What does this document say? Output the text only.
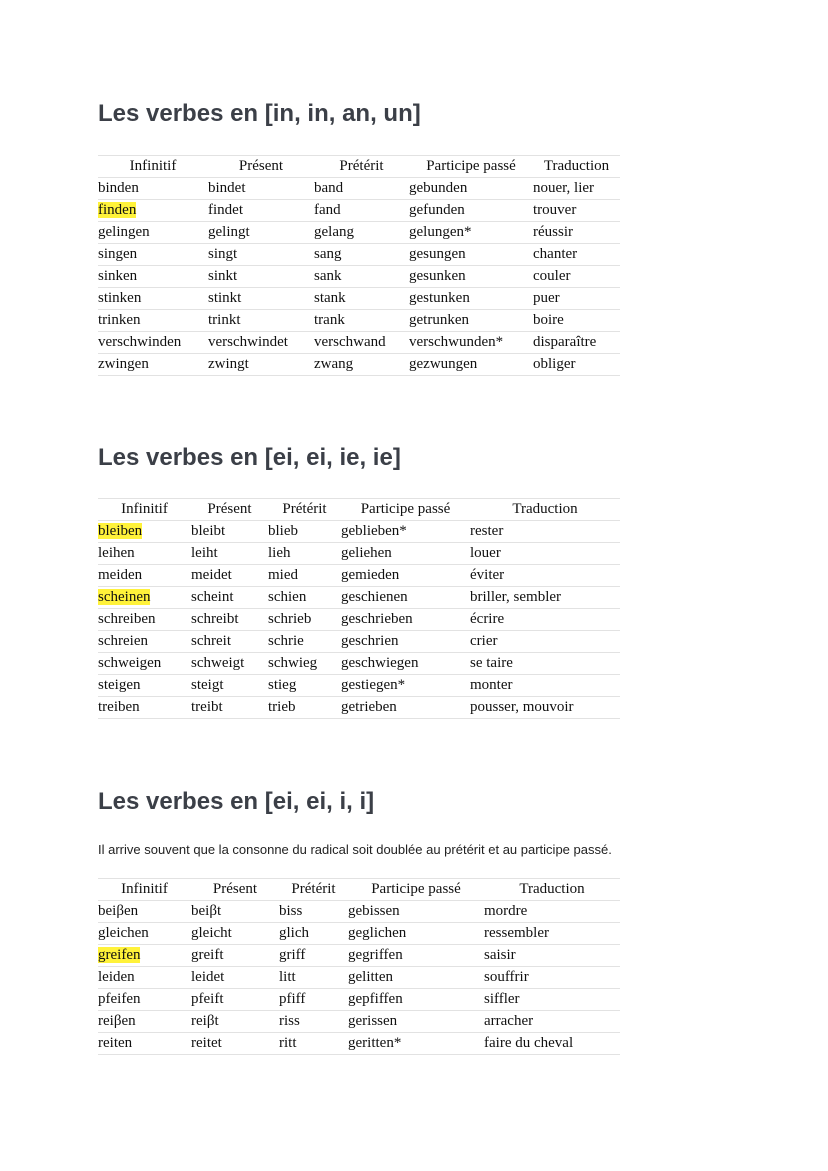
Les verbes en [in, in, an, un]
Infinitif	Présent	Prétérit	Participe passé	Traduction
binden	bindet	band	gebunden	nouer, lier
finden	findet	fand	gefunden	trouver
gelingen	gelingt	gelang	gelungen*	réussir
singen	singt	sang	gesungen	chanter
sinken	sinkt	sank	gesunken	couler
stinken	stinkt	stank	gestunken	puer
trinken	trinkt	trank	getrunken	boire
verschwinden	verschwindet	verschwand	verschwunden*	disparaître
zwingen	zwingt	zwang	gezwungen	obliger
Les verbes en [ei, ei, ie, ie]
Infinitif	Présent	Prétérit	Participe passé	Traduction
bleiben	bleibt	blieb	geblieben*	rester
leihen	leiht	lieh	geliehen	louer
meiden	meidet	mied	gemieden	éviter
scheinen	scheint	schien	geschienen	briller, sembler
schreiben	schreibt	schrieb	geschrieben	écrire
schreien	schreit	schrie	geschrien	crier
schweigen	schweigt	schwieg	geschwiegen	se taire
steigen	steigt	stieg	gestiegen*	monter
treiben	treibt	trieb	getrieben	pousser, mouvoir
Les verbes en [ei, ei, i, i]

Il arrive souvent que la consonne du radical soit doublée au prétérit et au participe passé.

Infinitif	Présent	Prétérit	Participe passé	Traduction
beiβen	beiβt	biss	gebissen	mordre
gleichen	gleicht	glich	geglichen	ressembler
greifen	greift	griff	gegriffen	saisir
leiden	leidet	litt	gelitten	souffrir
pfeifen	pfeift	pfiff	gepfiffen	siffler
reiβen	reiβt	riss	gerissen	arracher
reiten	reitet	ritt	geritten*	faire du cheval
